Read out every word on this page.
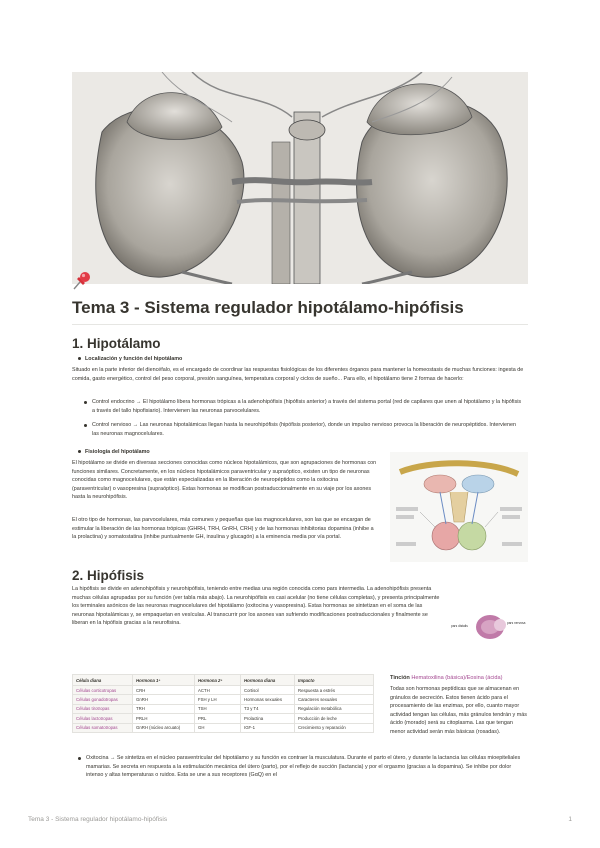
Tema 3 - Sistema regulador hipotálamo-hipófisis
1. Hipotálamo
Localización y función del hipotálamo
Situado en la parte inferior del diencéfalo, es el encargado de coordinar las respuestas fisiológicas de los diferentes órganos para mantener la homeostasis de muchas funciones: ingesta de comida, gasto energético, control del peso corporal, presión sanguínea, temperatura corporal y ciclos de sueño... Para ello, el hipotálamo tiene 2 formas de hacerlo:
Control endocrino → El hipotálamo libera hormonas trópicas a la adenohipófisis (hipófisis anterior) a través del sistema portal (red de capilares que unen al hipotálamo y la hipófisis a través del tallo hipofisiario). Intervienen las neuronas parvocelulares.
Control nervioso → Las neuronas hipotalámicas llegan hasta la neurohipófisis (hipófisis posterior), donde un impulso nervioso provoca la liberación de neuropéptidos. Intervienen las neuronas magnocelulares.
Fisiología del hipotálamo
El hipotálamo se divide en diversas secciones conocidas como núcleos hipotalámicos, que son agrupaciones de hormonas con funciones similares. Concretamente, en los núcleos hipotalámicos paraventricular y supraóptico, existen un tipo de neuronas conocidas como magnocelulares, que están especializadas en la liberación de neuropéptidos como la oxitocina (paraventricular) o vasopresina (supraóptico). Estas hormonas se modifican postraduccionalmente en su viaje por los axones hasta la neurohipófisis.
El otro tipo de hormonas, las parvocelulares, más comunes y pequeñas que las magnocelulares, son las que se encargan de estimular la liberación de las hormonas trópicas (GHRH, TRH, GnRH, CRH) y de las hormonas inhibitorias dopamina (inhibe a la prolactina) y somatostatina (inhibe puntualmente GH, insulina y glucagón) a la eminencia media por vía portal.
2. Hipófisis
La hipófisis se divide en adenohipófisis y neurohipófisis, teniendo entre medias una región conocida como pars intermedia. La adenohipófisis presenta muchas células agrupadas por su función (ver tabla más abajo). La neurohipófisis es casi acelular (no tiene células completas), y presenta principalmente los terminales axónicos de las neuronas magnocelulares del hipotálamo (oxitocina y vasopresina). Estas hormonas se sintetizan en el soma de las neuronas hipotalámicas y, se empaquetan en vesículas. Al transcurrir por los axones van sufriendo modificaciones postraduccionales y finalmente se liberan en la hipófisis gracias a la neurofisina.	pars distalis
pars nervosa
Célula diana	Hormona 1ª	Hormona 2ª	Hormona diana	Impacto
Células corticotropas	CRH	ACTH	Cortisol	Respuesta a estrés
Células gonadotropas	GnRH	FSH y LH	Hormonas sexuales	Caracteres sexuales
Células tirotropas	TRH	TSH	T3 y T4	Regulación metabólica
Células lactotropas	PRLH	PRL	Prolactina	Producción de leche
Células somatotropas	GnRH (núcleo arcuato)	GH	IGF-1	Crecimiento y reparación
Tinción Hematoxilina (básica)/Eosina (ácida)
Todas son hormonas peptídicas que se almacenan en gránulos de secreción. Estos tienen ácido para el procesamiento de las enzimas, por ello, cuanto mayor actividad tengan las células, más gránulos tendrán y más ácido (morado) será su citoplasma. Las que tengan menor actividad serán más básicas (rosadas).
Oxitocina → Se sintetiza en el núcleo paraventricular del hipotálamo y su función es contraer la musculatura. Durante el parto el útero, y durante la lactancia las células mioepiteliales mamarias. Se secreta en respuesta a la estimulación mecánica del útero (parto), por el reflejo de succión (lactancia) y por el orgasmo (gracias a la dopamina). Se inhibe por dolor intenso y altas temperaturas o ruidos. Esta se une a sus receptores (GαQ) en el
Tema 3 - Sistema regulador hipotálamo-hipófisis	1
